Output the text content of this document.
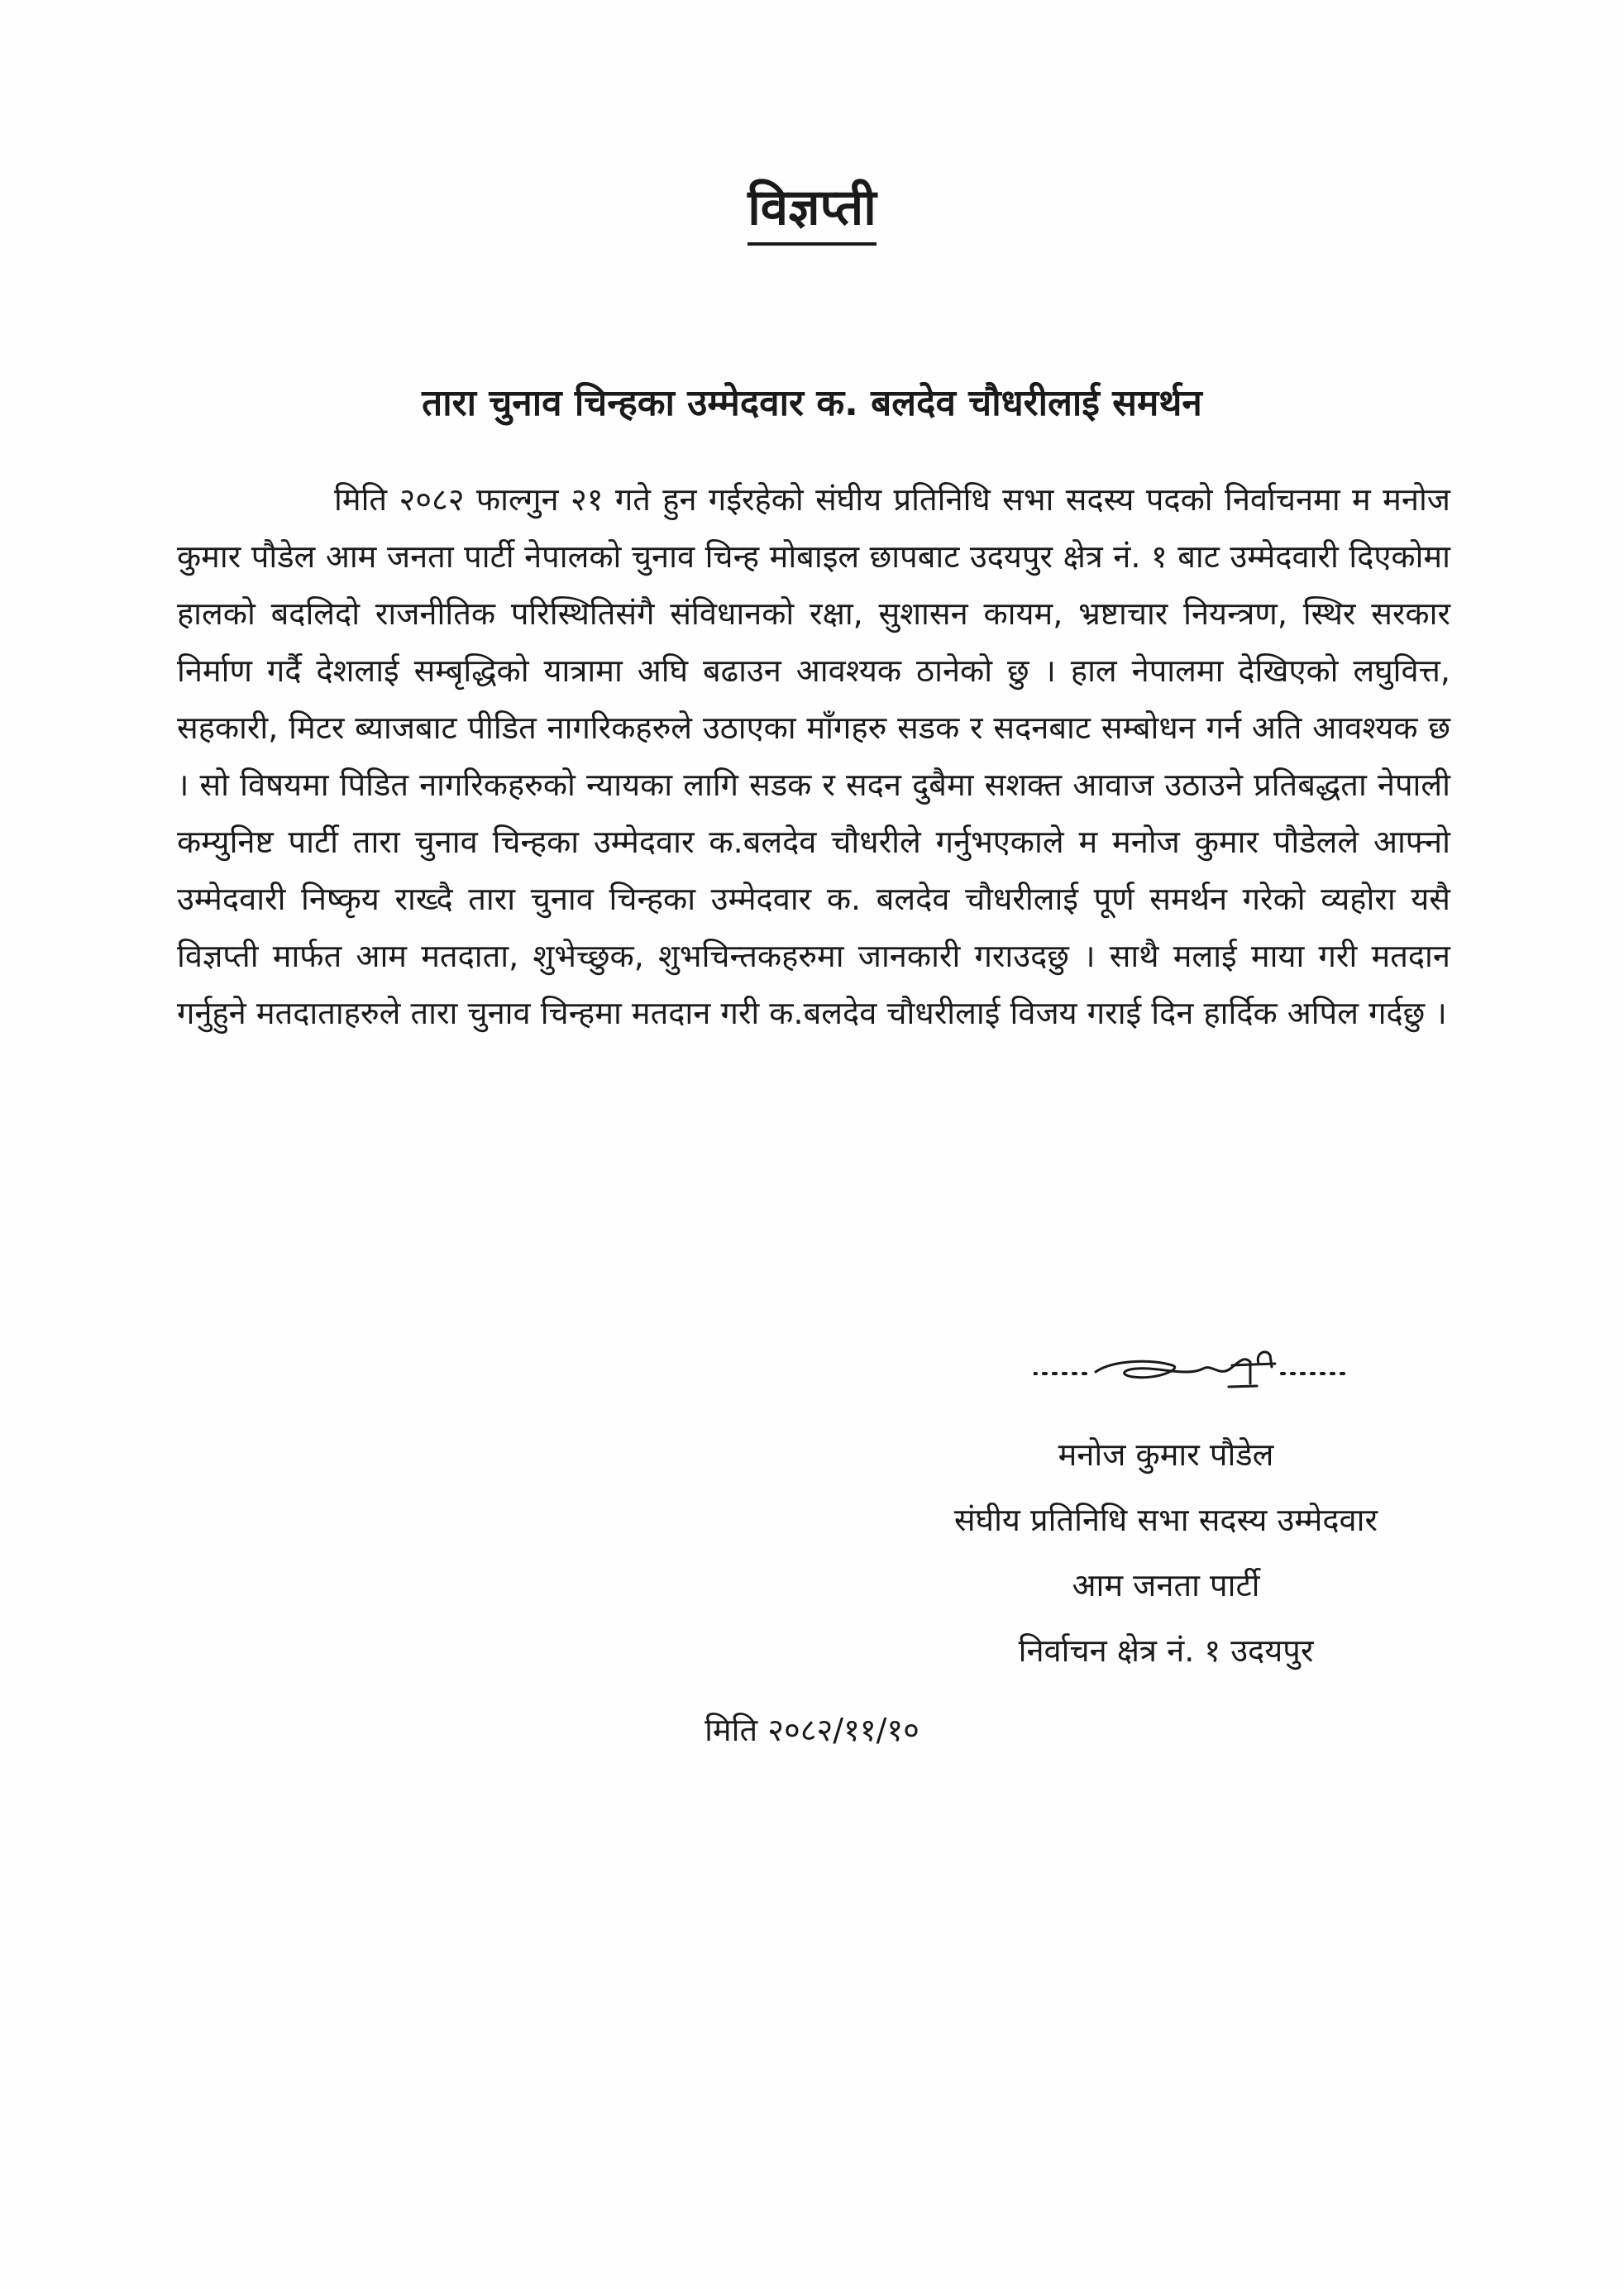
विज्ञप्ती
तारा चुनाव चिन्हका उम्मेदवार क. बलदेव चौधरीलाई समर्थन

मिति २०८२ फाल्गुन २१ गते हुन गईरहेको संघीय प्रतिनिधि सभा सदस्य पदको निर्वाचनमा म मनोज कुमार पौडेल आम जनता पार्टी नेपालको चुनाव चिन्ह मोबाइल छापबाट उदयपुर क्षेत्र नं. १ बाट उम्मेदवारी दिएकोमा हालको बदलिदो राजनीतिक परिस्थितिसंगै संविधानको रक्षा, सुशासन कायम, भ्रष्टाचार नियन्त्रण, स्थिर सरकार निर्माण गर्दै देशलाई सम्बृद्धिको यात्रामा अघि बढाउन आवश्यक ठानेको छु । हाल नेपालमा देखिएको लघुवित्त, सहकारी, मिटर ब्याजबाट पीडित नागरिकहरुले उठाएका माँगहरु सडक र सदनबाट सम्बोधन गर्न अति आवश्यक छ । सो विषयमा पिडित नागरिकहरुको न्यायका लागि सडक र सदन दुबैमा सशक्त आवाज उठाउने प्रतिबद्धता नेपाली कम्युनिष्ट पार्टी तारा चुनाव चिन्हका उम्मेदवार क.बलदेव चौधरीले गर्नुभएकाले म मनोज कुमार पौडेलले आफ्नो उम्मेदवारी निष्कृय राख्दै तारा चुनाव चिन्हका उम्मेदवार क. बलदेव चौधरीलाई पूर्ण समर्थन गरेको व्यहोरा यसै विज्ञप्ती मार्फत आम मतदाता, शुभेच्छुक, शुभचिन्तकहरुमा जानकारी गराउदछु । साथै मलाई माया गरी मतदान गर्नुहुने मतदाताहरुले तारा चुनाव चिन्हमा मतदान गरी क.बलदेव चौधरीलाई विजय गराई दिन हार्दिक अपिल गर्दछु ।

मनोज कुमार पौडेल
संघीय प्रतिनिधि सभा सदस्य उम्मेदवार
आम जनता पार्टी
निर्वाचन क्षेत्र नं. १ उदयपुर
मिति २०८२/११/१०
